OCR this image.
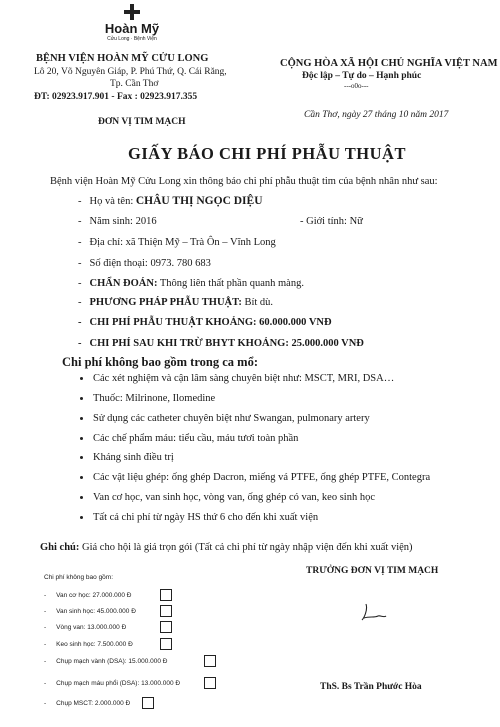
Hoàn Mỹ
Cửu Long · Bệnh Viện
BỆNH VIỆN HOÀN MỸ CỬU LONG
Lô 20, Võ Nguyên Giáp, P. Phú Thứ, Q. Cái Răng,
Tp. Cần Thơ
ĐT: 02923.917.901 - Fax : 02923.917.355
ĐƠN VỊ TIM MẠCH
CỘNG HÒA XÃ HỘI CHỦ NGHĨA VIỆT NAM
Độc lập – Tự do – Hạnh phúc
---o0o---
Cần Thơ, ngày 27 tháng 10 năm 2017
GIẤY BÁO CHI PHÍ PHẪU THUẬT
Bệnh viện Hoàn Mỹ Cửu Long xin thông báo chi phí phẫu thuật tim của bệnh nhân như sau:
- Họ và tên: CHÂU THỊ NGỌC DIỆU
- Năm sinh: 2016	- Giới tính: Nữ
- Địa chỉ: xã Thiện Mỹ – Trà Ôn – Vĩnh Long
- Số điện thoại: 0973. 780 683
- CHẨN ĐOÁN: Thông liên thất phần quanh màng.
- PHƯƠNG PHÁP PHẪU THUẬT: Bít dù.
- CHI PHÍ PHẪU THUẬT KHOẢNG: 60.000.000 VNĐ
- CHI PHÍ SAU KHI TRỪ BHYT KHOẢNG: 25.000.000 VNĐ
Chi phí không bao gồm trong ca mổ:
Các xét nghiệm và cận lâm sàng chuyên biệt như: MSCT, MRI, DSA…
Thuốc: Milrinone, Ilomedine
Sử dụng các catheter chuyên biệt như Swangan, pulmonary artery
Các chế phẩm máu: tiểu cầu, máu tươi toàn phần
Kháng sinh điều trị
Các vật liệu ghép: ống ghép Dacron, miếng vá PTFE, ống ghép PTFE, Contegra
Van cơ học, van sinh học, vòng van, ống ghép có van, keo sinh học
Tất cả chi phí từ ngày HS thứ 6 cho đến khi xuất viện
Ghi chú: Giá cho hội là giá trọn gói (Tất cả chi phí từ ngày nhập viện đến khi xuất viện)
TRƯỞNG ĐƠN VỊ TIM MẠCH
ThS. Bs Trần Phước Hòa
Chi phí không bao gồm:
- Van cơ học: 27.000.000 Đ
- Van sinh học: 45.000.000 Đ
- Vòng van: 13.000.000 Đ
- Keo sinh học: 7.500.000 Đ
- Chụp mạch vành (DSA): 15.000.000 Đ
- Chụp mạch máu phổi (DSA): 13.000.000 Đ
- Chụp MSCT: 2.000.000 Đ
